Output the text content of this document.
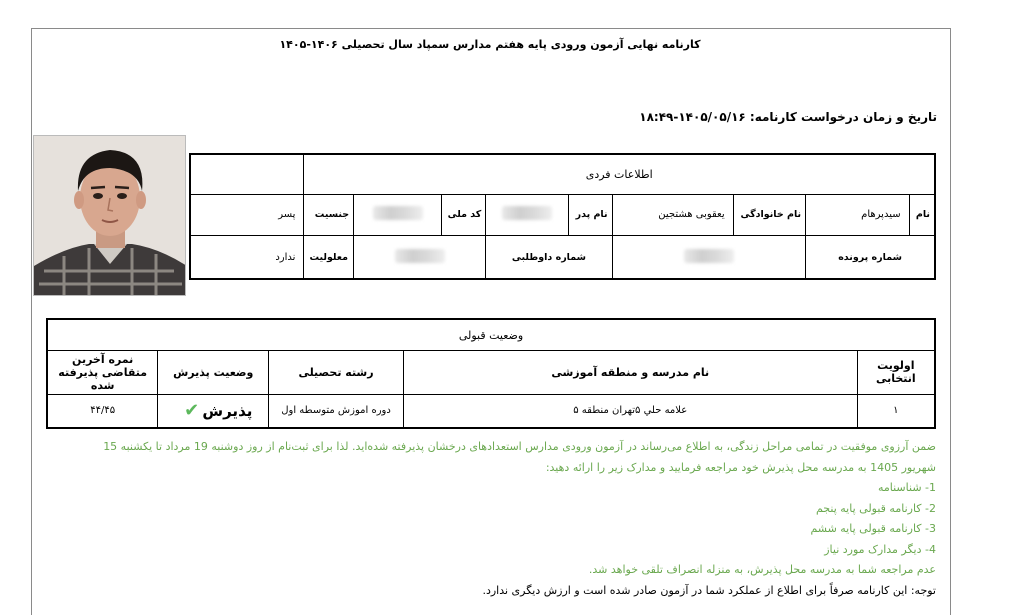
کارنامه نهایی آزمون ورودی پایه هفتم مدارس سمپاد سال تحصیلی ۱۴۰۶-۱۴۰۵
تاریخ و زمان درخواست کارنامه: ۱۴۰۵/۰۵/۱۶-۱۸:۴۹
اطلاعات فردی									
نام	سیدپرهام	نام خانوادگی	یعقوبی هشتجین	نام پدر		کد ملی		جنسیت	پسر
شماره پرونده				شماره داوطلبی				معلولیت	ندارد
وضعیت قبولی				
اولویت انتخابی	نام مدرسه و منطقه آموزشی	رشته تحصیلی	وضعیت پذیرش	نمره آخرین متقاضی پذیرفته شده
۱	علامه حلي ۵تهران منطقه ۵	دوره اموزش متوسطه اول	پذیرش ✔	۴۴/۴۵
ضمن آرزوی موفقیت در تمامی مراحل زندگی، به اطلاع می‌رساند در آزمون ورودی مدارس استعدادهای درخشان پذیرفته شده‌اید. لذا برای ثبت‌نام از روز دوشنبه 19 مرداد تا یکشنبه 15
شهریور 1405 به مدرسه محل پذیرش خود مراجعه فرمایید و مدارک زیر را ارائه دهید:
1- شناسنامه
2- کارنامه قبولی پایه پنجم
3- کارنامه قبولی پایه ششم
4- دیگر مدارک مورد نیاز
عدم مراجعه شما به مدرسه محل پذیرش، به منزله انصراف تلقی خواهد شد.
توجه: این کارنامه صرفاً برای اطلاع از عملکرد شما در آزمون صادر شده است و ارزش دیگری ندارد.
